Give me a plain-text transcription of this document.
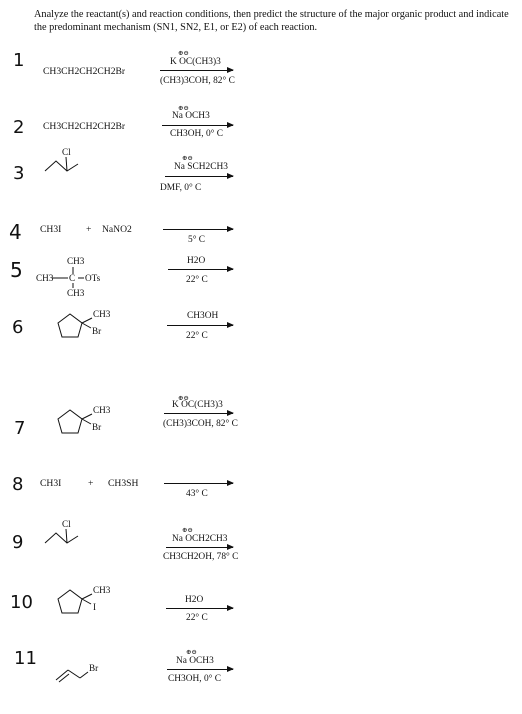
Analyze the reactant(s) and reaction conditions, then predict the structure of the major organic product and indicate the predominant mechanism (SN1, SN2, E1, or E2) of each reaction.
1
CH3CH2CH2CH2Br
⊕⊖
K OC(CH3)3
(CH3)3COH, 82° C
2 CH3CH2CH2CH2Br
⊕⊖
Na OCH3
CH3OH, 0° C
3
Cl
⊕⊖
Na SCH2CH3
DMF, 0° C
4 CH3I	+ NaNO2
5° C
5	CH3
CH3 C OTs
CH3
H2O
22° C
6
CH3
Br
CH3OH
22° C
7
CH3
Br
⊕⊖
K OC(CH3)3
(CH3)3COH, 82° C
8 CH3I	+ CH3SH
43° C
9
Cl
⊕⊖
Na OCH2CH3
CH3CH2OH, 78° C
10
CH3
I
H2O
22° C
11	Br
⊕⊖
Na OCH3
CH3OH, 0° C
